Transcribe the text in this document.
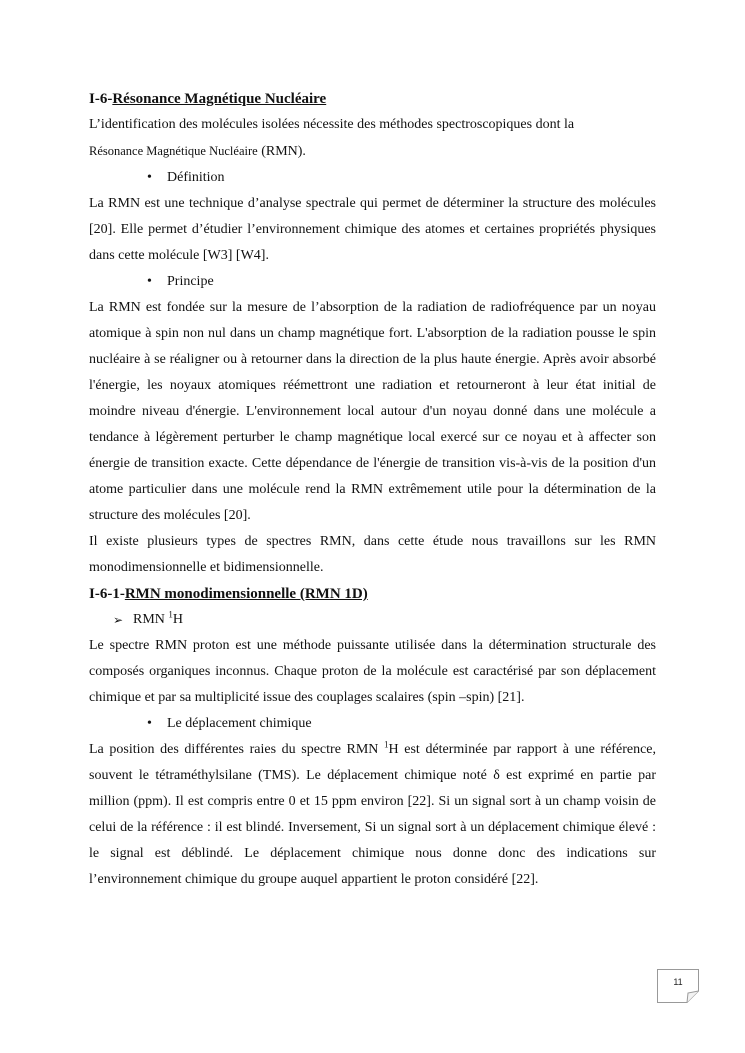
I-6-Résonance Magnétique Nucléaire

L’identification des molécules isolées nécessite des méthodes spectroscopiques dont la
Résonance Magnétique Nucléaire (RMN).

• Définition

La RMN est une technique d’analyse spectrale qui permet de déterminer la structure des molécules [20]. Elle permet d’étudier l’environnement chimique des atomes et certaines propriétés physiques dans cette molécule [W3] [W4].

• Principe

La RMN est fondée sur la mesure de l’absorption de la radiation de radiofréquence par un noyau atomique à spin non nul dans un champ magnétique fort. L'absorption de la radiation pousse le spin nucléaire à se réaligner ou à retourner dans la direction de la plus haute énergie. Après avoir absorbé l'énergie, les noyaux atomiques réémettront une radiation et retourneront à leur état initial de moindre niveau d'énergie. L'environnement local autour d'un noyau donné dans une molécule a tendance à légèrement perturber le champ magnétique local exercé sur ce noyau et à affecter son énergie de transition exacte. Cette dépendance de l'énergie de transition vis-à-vis de la position d'un atome particulier dans une molécule rend la RMN extrêmement utile pour la détermination de la structure des molécules [20].

Il existe plusieurs types de spectres RMN, dans cette étude nous travaillons sur les RMN monodimensionnelle et bidimensionnelle.

I-6-1-RMN monodimensionnelle (RMN 1D)
➢ RMN $^1$H

Le spectre RMN proton est une méthode puissante utilisée dans la détermination structurale des composés organiques inconnus. Chaque proton de la molécule est caractérisé par son déplacement chimique et par sa multiplicité issue des couplages scalaires (spin –spin) [21].

• Le déplacement chimique

La position des différentes raies du spectre RMN $^1$H est déterminée par rapport à une référence, souvent le tétraméthylsilane (TMS). Le déplacement chimique noté δ est exprimé en partie par million (ppm). Il est compris entre 0 et 15 ppm environ [22]. Si un signal sort à un champ voisin de celui de la référence : il est blindé. Inversement, Si un signal sort à un déplacement chimique élevé : le signal est déblindé. Le déplacement chimique nous donne donc des indications sur l’environnement chimique du groupe auquel appartient le proton considéré [22].

11
